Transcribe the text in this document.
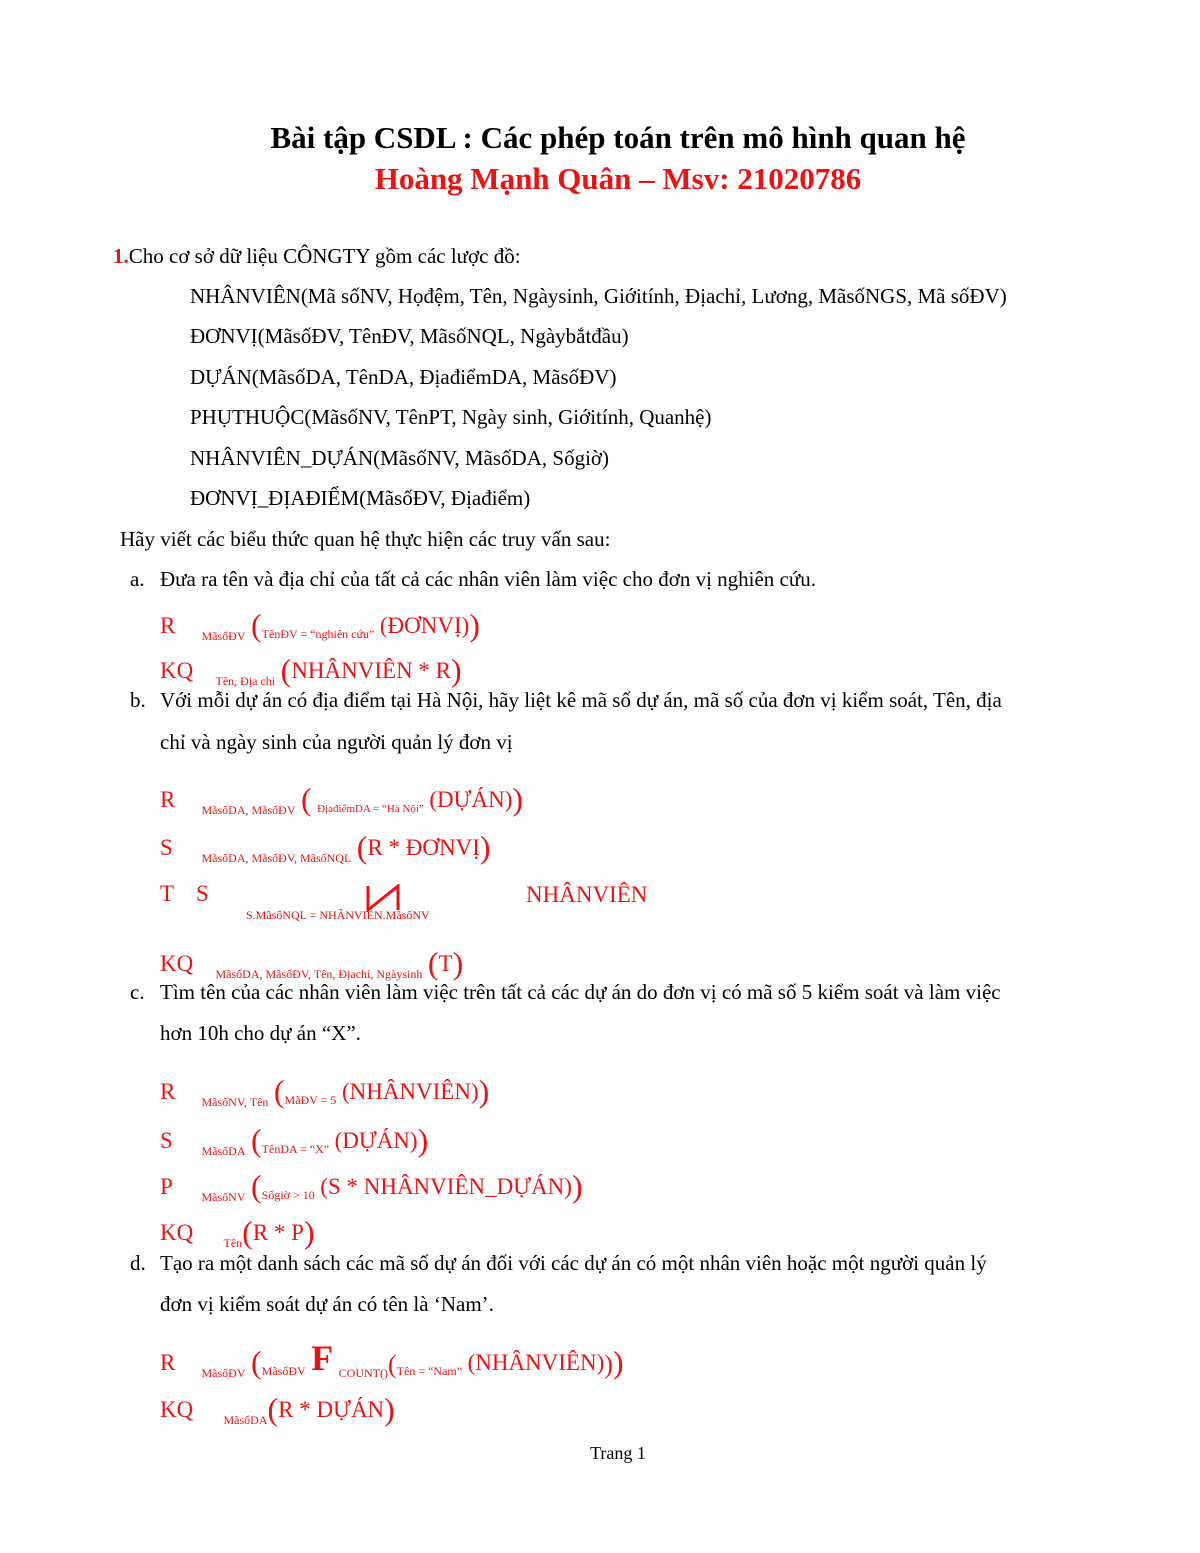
Bài tập CSDL : Các phép toán trên mô hình quan hệ
Hoàng Mạnh Quân – Msv: 21020786
1.Cho cơ sở dữ liệu CÔNGTY gồm các lược đồ:
NHÂNVIÊN(Mã sốNV, Họđệm, Tên, Ngàysinh, Giớitính, Địachỉ, Lương, MãsốNGS, Mã sốĐV)
ĐƠNVỊ(MãsốĐV, TênĐV, MãsốNQL, Ngàybắtđầu)
DỰÁN(MãsốDA, TênDA, ĐịađiểmDA, MãsốĐV)
PHỤTHUỘC(MãsốNV, TênPT, Ngày sinh, Giớitính, Quanhệ)
NHÂNVIÊN_DỰÁN(MãsốNV, MãsốDA, Sốgiờ)
ĐƠNVỊ_ĐỊAĐIỂM(MãsốĐV, Địađiểm)
Hãy viết các biểu thức quan hệ thực hiện các truy vấn sau:
a. Đưa ra tên và địa chỉ của tất cả các nhân viên làm việc cho đơn vị nghiên cứu.
R $_{MãsốĐV}$ ($_{TênĐV = “nghiên cứu”}$ (ĐƠNVỊ))
KQ $_{Tên, Địa chỉ}$ (NHÂNVIÊN * R)
b. Với mỗi dự án có địa điểm tại Hà Nội, hãy liệt kê mã số dự án, mã số của đơn vị kiểm soát, Tên, địa
chỉ và ngày sinh của người quản lý đơn vị
R $_{MãsốDA, MãsốĐV}$ ( $_{ĐịađiểmDA = “Hà Nội”}$ (DỰÁN))
S $_{MãsốDA, MãsốĐV, MãsốNQL}$ (R * ĐƠNVỊ)
T S
S.MãsốNQL = NHÂNVIÊN.MãsốNV
NHÂNVIÊN
KQ $_{MãsốDA, MãsốĐV, Tên, Địachỉ, Ngàysinh}$ (T)
c. Tìm tên của các nhân viên làm việc trên tất cả các dự án do đơn vị có mã số 5 kiểm soát và làm việc
hơn 10h cho dự án “X”.
R $_{MãsốNV, Tên}$ ($_{MãĐV = 5}$ (NHÂNVIÊN))
S $_{MãsốDA}$ ($_{TênDA = “X”}$ (DỰÁN))
P $_{MãsốNV}$ ($_{Sốgiờ > 10}$ (S * NHÂNVIÊN_DỰÁN))
KQ	$_{Tên}$(R * P)
d. Tạo ra một danh sách các mã số dự án đối với các dự án có một nhân viên hoặc một người quản lý
đơn vị kiểm soát dự án có tên là ‘Nam’.
R $_{MãsốĐV}$ ($_{MãsốĐV}$ F $_{COUNT()}(_{Tên = “Nam”}$ (NHÂNVIÊN)))
KQ	$_{MãsốDA}$(R * DỰÁN)
Trang 1
